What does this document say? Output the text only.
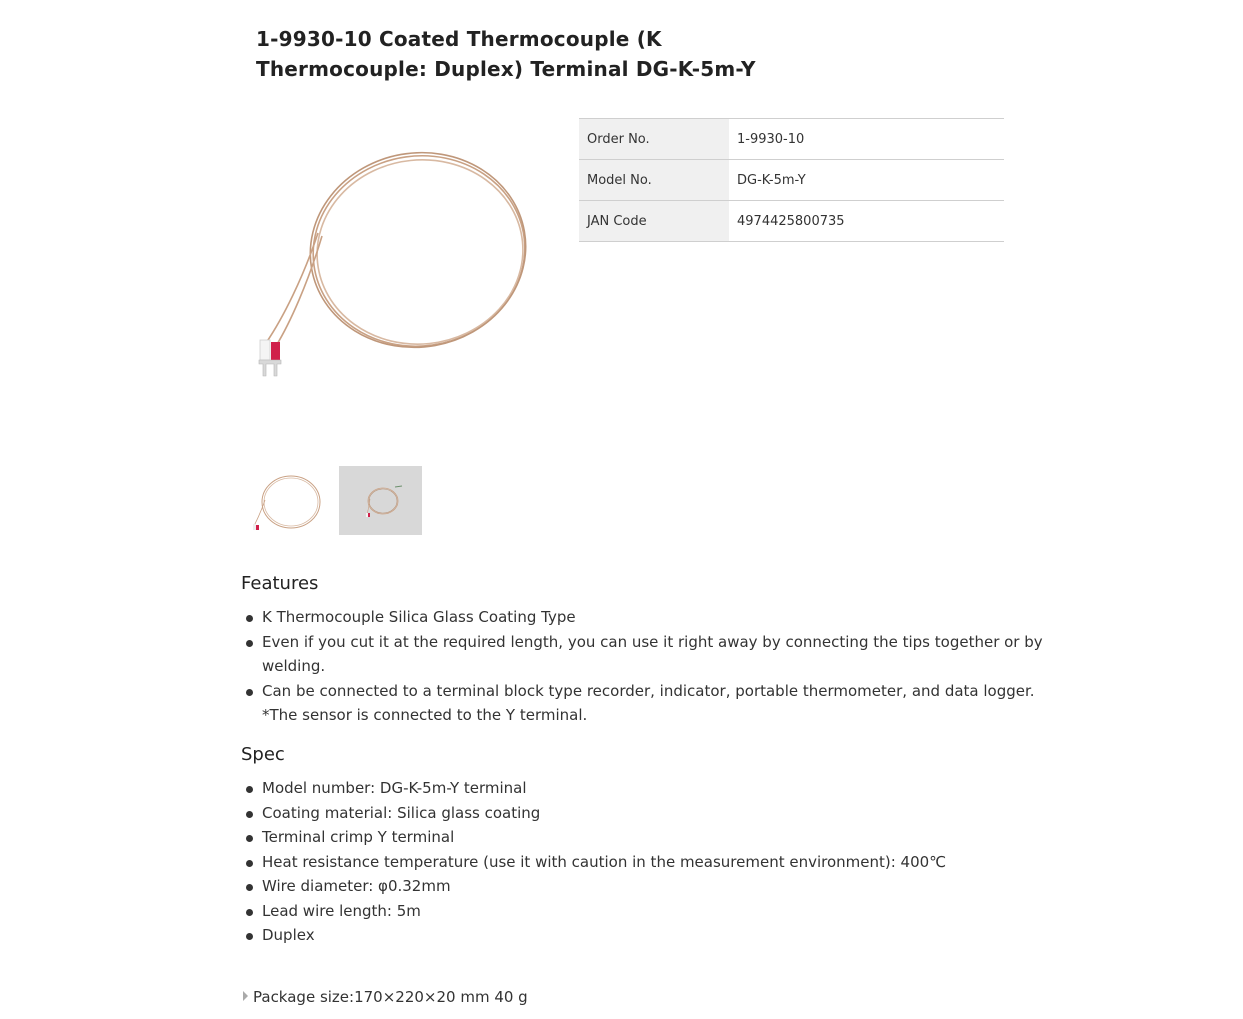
1-9930-10 Coated Thermocouple (K
Thermocouple: Duplex) Terminal DG-K-5m-Y
Order No.	1-9930-10
Model No.	DG-K-5m-Y
JAN Code	4974425800735
Features
K Thermocouple Silica Glass Coating Type
Even if you cut it at the required length, you can use it right away by connecting the tips together or by welding.
Can be connected to a terminal block type recorder, indicator, portable thermometer, and data logger.
*The sensor is connected to the Y terminal.
Spec
Model number: DG-K-5m-Y terminal
Coating material: Silica glass coating
Terminal crimp Y terminal
Heat resistance temperature (use it with caution in the measurement environment): 400℃
Wire diameter: φ0.32mm
Lead wire length: 5m
Duplex
Package size:170×220×20 mm 40 g
